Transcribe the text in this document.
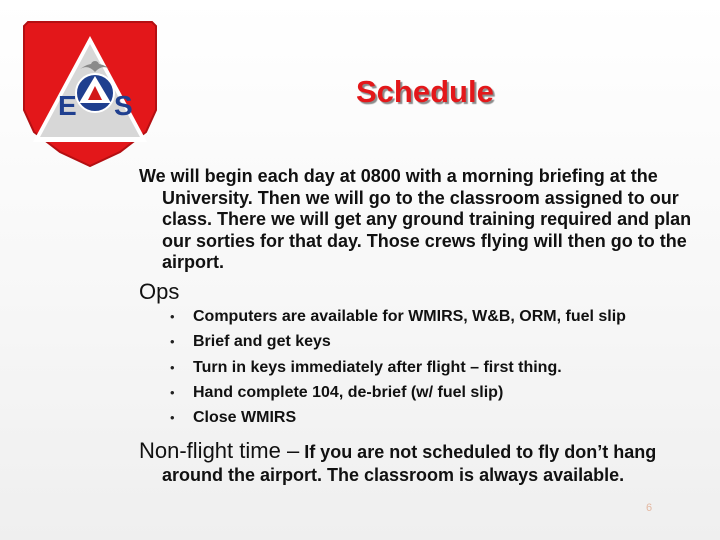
E S	Schedule

We will begin each day at 0800 with a morning briefing at the University. Then we will go to the classroom assigned to our class. There we will get any ground training required and plan our sorties for that day. Those crews flying will then go to the airport.

Ops
•	Computers are available for WMIRS, W&B, ORM, fuel slip
•	Brief and get keys
•	Turn in keys immediately after flight – first thing.
•	Hand complete 104, de-brief (w/ fuel slip)
•	Close WMIRS

Non-flight time – If you are not scheduled to fly don’t hang around the airport. The classroom is always available.

6
